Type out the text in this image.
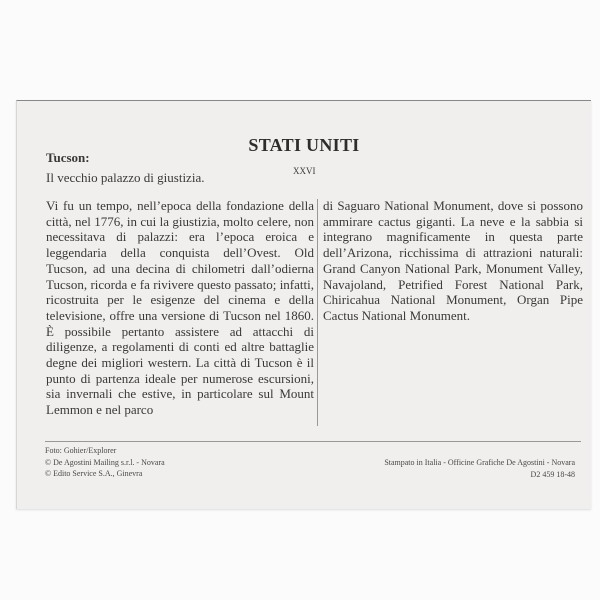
STATI UNITI
XXVI
Tucson:
Il vecchio palazzo di giustizia.
Vi fu un tempo, nell’epoca della fondazione della città, nel 1776, in cui la giustizia, molto celere, non necessitava di palazzi: era l’epoca eroica e leggendaria della conquista dell’Ovest. Old Tucson, ad una decina di chilometri dall’odierna Tucson, ricorda e fa rivivere questo passato; infatti, ricostruita per le esigenze del cinema e della televisione, offre una versione di Tucson nel 1860. È possibile pertanto assistere ad attacchi di diligenze, a regolamenti di conti ed altre battaglie degne dei migliori western. La città di Tucson è il punto di partenza ideale per numerose escursioni, sia invernali che estive, in particolare sul Mount Lemmon e nel parco
di Saguaro National Monument, dove si possono ammirare cactus giganti. La neve e la sabbia si integrano magnificamente in questa parte dell’Arizona, ricchissima di attrazioni naturali: Grand Canyon National Park, Monument Valley, Navajoland, Petrified Forest National Park, Chiricahua National Monument, Organ Pipe Cactus National Monument.
Foto: Gohier/Explorer
© De Agostini Mailing s.r.l. - Novara
© Edito Service S.A., Ginevra
Stampato in Italia - Officine Grafiche De Agostini - Novara
D2 459 18-48
